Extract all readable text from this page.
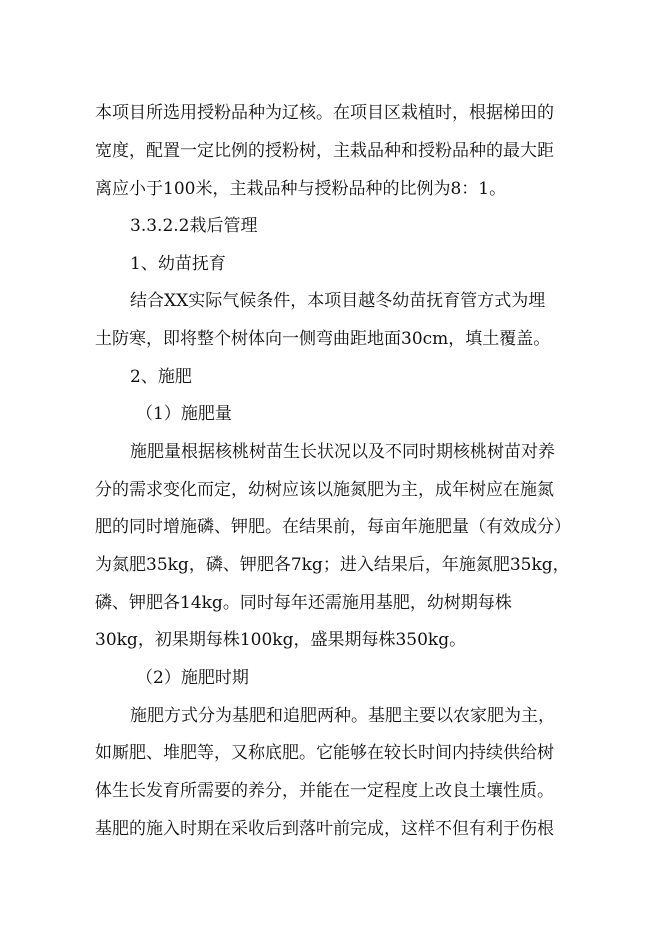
本项目所选用授粉品种为辽核。在项目区栽植时，根据梯田的
宽度，配置一定比例的授粉树，主栽品种和授粉品种的最大距
离应小于100米，主栽品种与授粉品种的比例为8：1。
3.3.2.2栽后管理
1、幼苗抚育
结合XX实际气候条件，本项目越冬幼苗抚育管方式为埋
土防寒，即将整个树体向一侧弯曲距地面30cm，填土覆盖。
2、施肥
（1）施肥量
施肥量根据核桃树苗生长状况以及不同时期核桃树苗对养
分的需求变化而定，幼树应该以施氮肥为主，成年树应在施氮
肥的同时增施磷、钾肥。在结果前，每亩年施肥量（有效成分）
为氮肥35kg，磷、钾肥各7kg；进入结果后，年施氮肥35kg，
磷、钾肥各14kg。同时每年还需施用基肥，幼树期每株
30kg，初果期每株100kg，盛果期每株350kg。
（2）施肥时期
施肥方式分为基肥和追肥两种。基肥主要以农家肥为主，
如厮肥、堆肥等，又称底肥。它能够在较长时间内持续供给树
体生长发育所需要的养分，并能在一定程度上改良土壤性质。
基肥的施入时期在采收后到落叶前完成，这样不但有利于伤根
